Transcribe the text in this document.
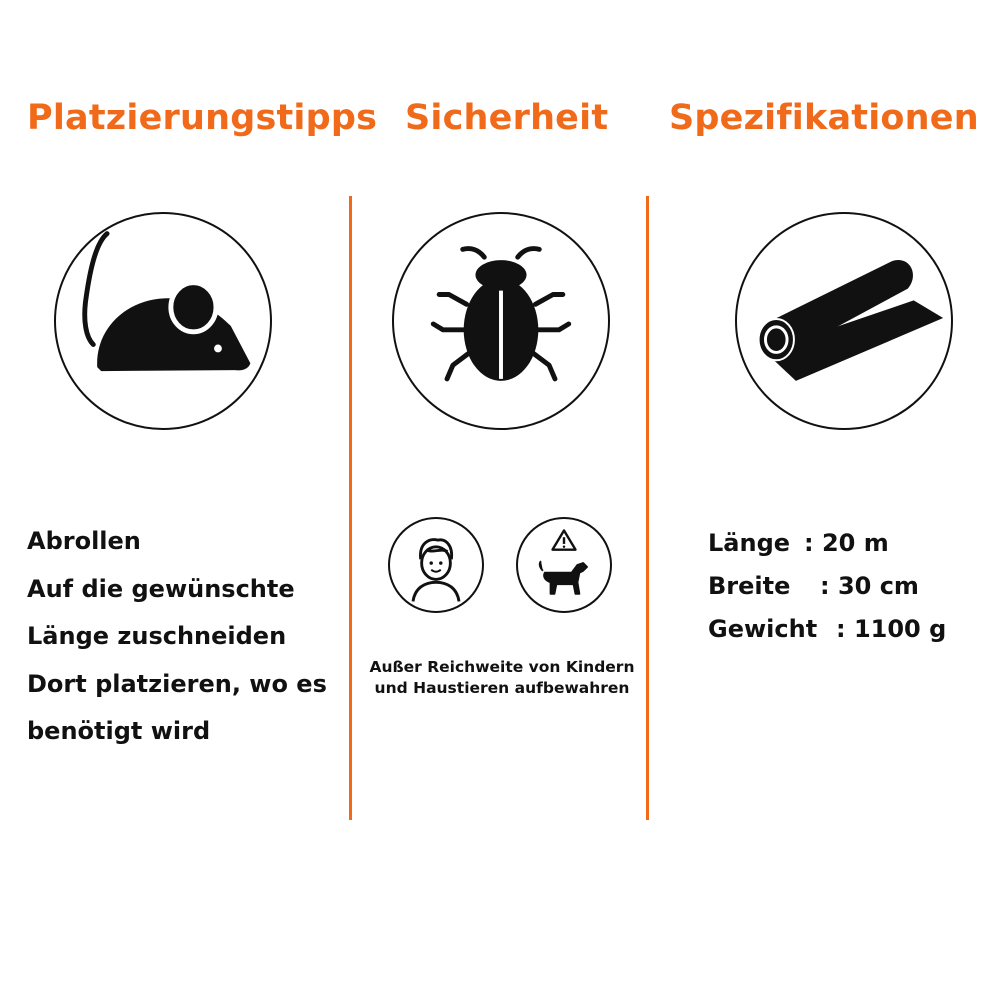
Platzierungstipps Sicherheit Spezifikationen
Abrollen
Auf die gewünschte
Länge zuschneiden
Dort platzieren, wo es
benötigt wird
Außer Reichweite von Kindern
und Haustieren aufbewahren
Länge : 20 m
Breite : 30 cm
Gewicht : 1100 g
